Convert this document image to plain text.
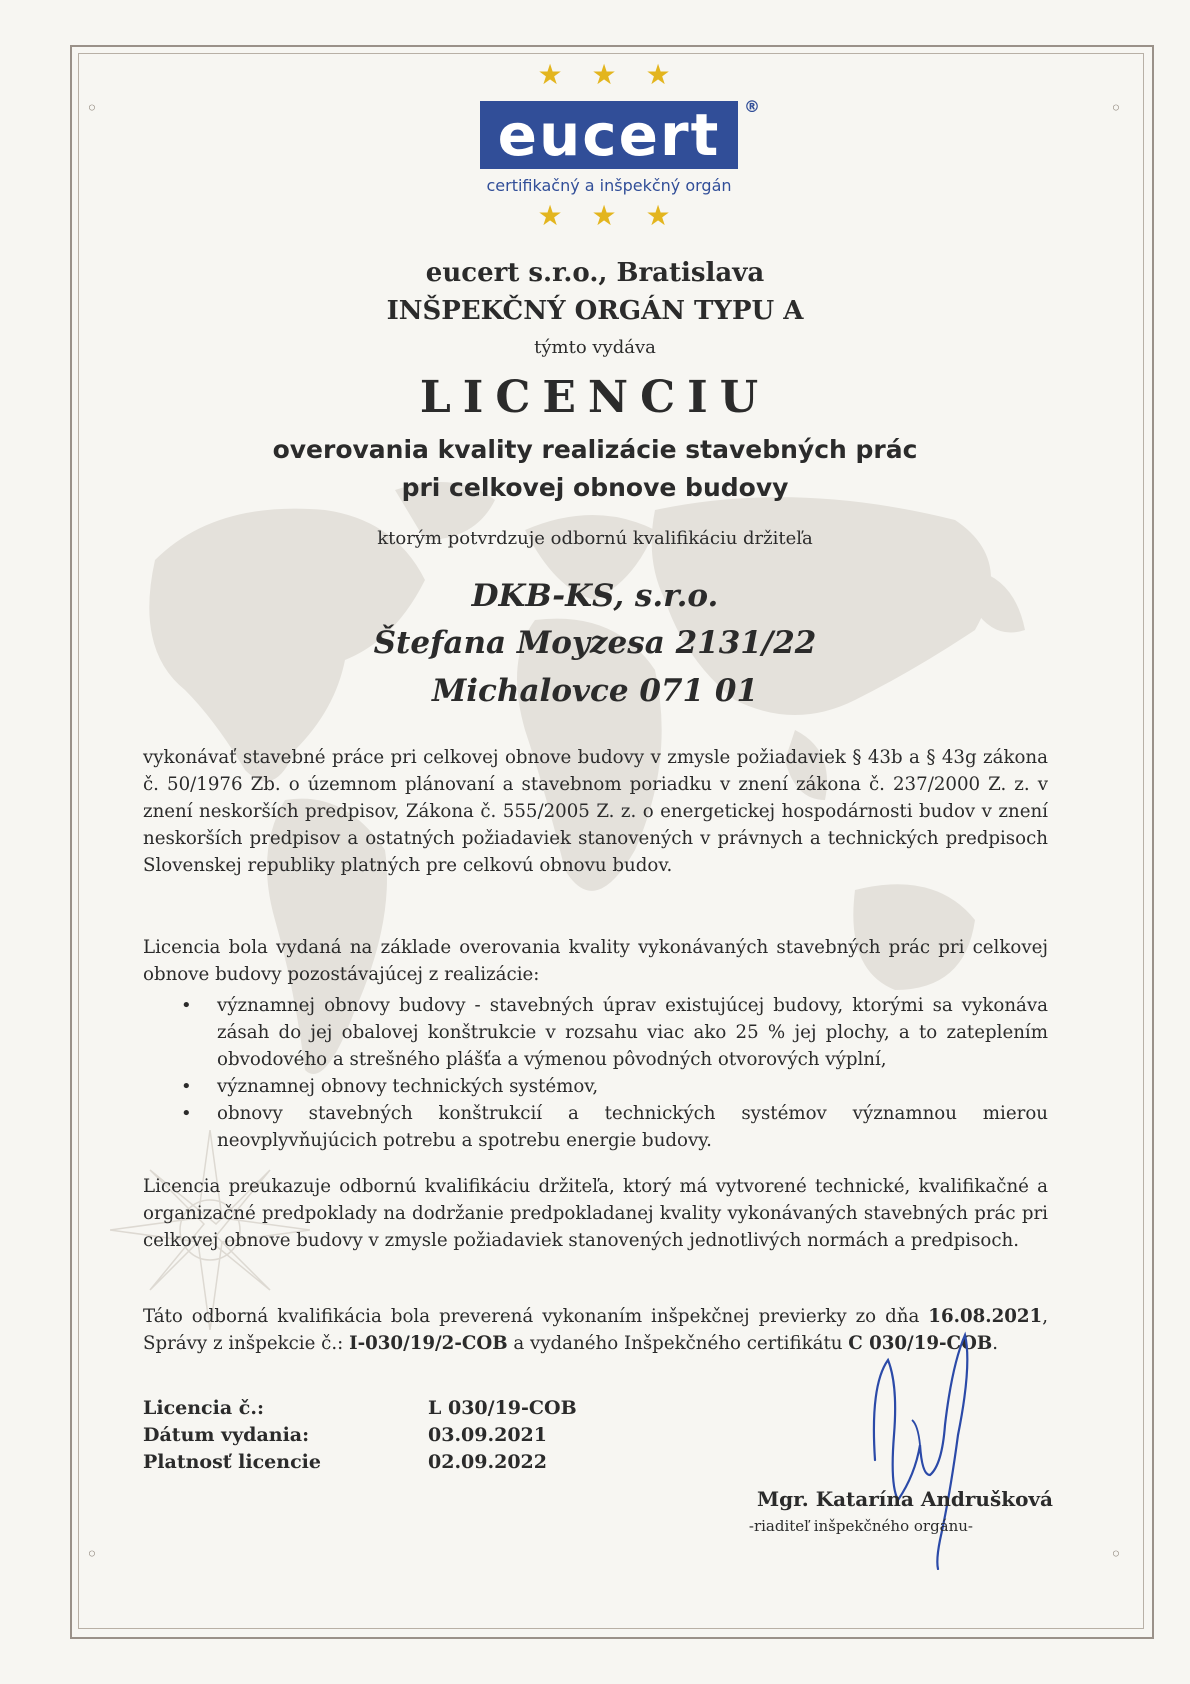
◦	◦
◦	◦
★ ★ ★
eucert ®
certifikačný a inšpekčný orgán
★ ★ ★
eucert s.r.o., Bratislava
INŠPEKČNÝ ORGÁN TYPU A
týmto vydáva
LICENCIU
overovania kvality realizácie stavebných prác
pri celkovej obnove budovy
ktorým potvrdzuje odbornú kvalifikáciu držiteľa
DKB-KS, s.r.o.
Štefana Moyzesa 2131/22
Michalovce 071 01
vykonávať stavebné práce pri celkovej obnove budovy v zmysle požiadaviek § 43b a § 43g zákona č. 50/1976 Zb. o územnom plánovaní a stavebnom poriadku v znení zákona č. 237/2000 Z. z. v znení neskorších predpisov, Zákona č. 555/2005 Z. z. o energetickej hospodárnosti budov v znení neskorších predpisov a ostatných požiadaviek stanovených v právnych a technických predpisoch Slovenskej republiky platných pre celkovú obnovu budov.
Licencia bola vydaná na základe overovania kvality vykonávaných stavebných prác pri celkovej obnove budovy pozostávajúcej z realizácie:
• významnej obnovy budovy - stavebných úprav existujúcej budovy, ktorými sa vykonáva zásah do jej obalovej konštrukcie v rozsahu viac ako 25 % jej plochy, a to zateplením obvodového a strešného plášťa a výmenou pôvodných otvorových výplní,
• významnej obnovy technických systémov,
• obnovy stavebných konštrukcií a technických systémov významnou mierou neovplyvňujúcich potrebu a spotrebu energie budovy.
Licencia preukazuje odbornú kvalifikáciu držiteľa, ktorý má vytvorené technické, kvalifikačné a organizačné predpoklady na dodržanie predpokladanej kvality vykonávaných stavebných prác pri celkovej obnove budovy v zmysle požiadaviek stanovených jednotlivých normách a predpisoch.
Táto odborná kvalifikácia bola preverená vykonaním inšpekčnej previerky zo dňa 16.08.2021, Správy z inšpekcie č.: I-030/19/2-COB a vydaného Inšpekčného certifikátu C 030/19-COB.
Licencia č.:	L 030/19-COB
Dátum vydania:	03.09.2021
Platnosť licencie	02.09.2022
Mgr. Katarína Andrušková
-riaditeľ inšpekčného orgánu-
